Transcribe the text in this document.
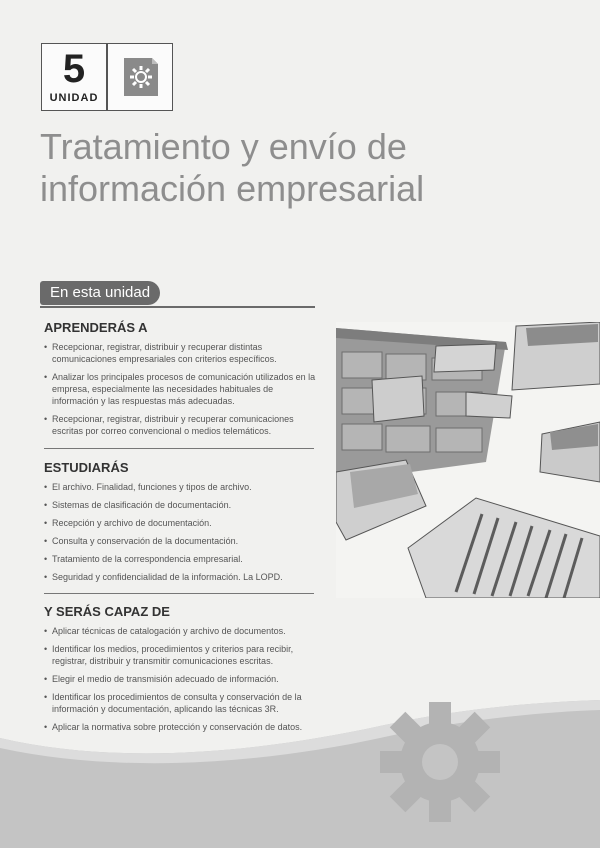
5
UNIDAD
Tratamiento y envío de
información empresarial
En esta unidad
APRENDERÁS A
• Recepcionar, registrar, distribuir y recuperar distintas comunicaciones empresariales con criterios específicos.
• Analizar los principales procesos de comunicación utilizados en la empresa, especialmente las necesidades habituales de información y las respuestas más adecuadas.
• Recepcionar, registrar, distribuir y recuperar comunicaciones escritas por correo convencional o medios telemáticos.
ESTUDIARÁS
• El archivo. Finalidad, funciones y tipos de archivo.
• Sistemas de clasificación de documentación.
• Recepción y archivo de documentación.
• Consulta y conservación de la documentación.
• Tratamiento de la correspondencia empresarial.
• Seguridad y confidencialidad de la información. La LOPD.
Y SERÁS CAPAZ DE
• Aplicar técnicas de catalogación y archivo de documentos.
• Identificar los medios, procedimientos y criterios para recibir, registrar, distribuir y transmitir comunicaciones escritas.
• Elegir el medio de transmisión adecuado de información.
• Identificar los procedimientos de consulta y conservación de la información y documentación, aplicando las técnicas 3R.
• Aplicar la normativa sobre protección y conservación de datos.
